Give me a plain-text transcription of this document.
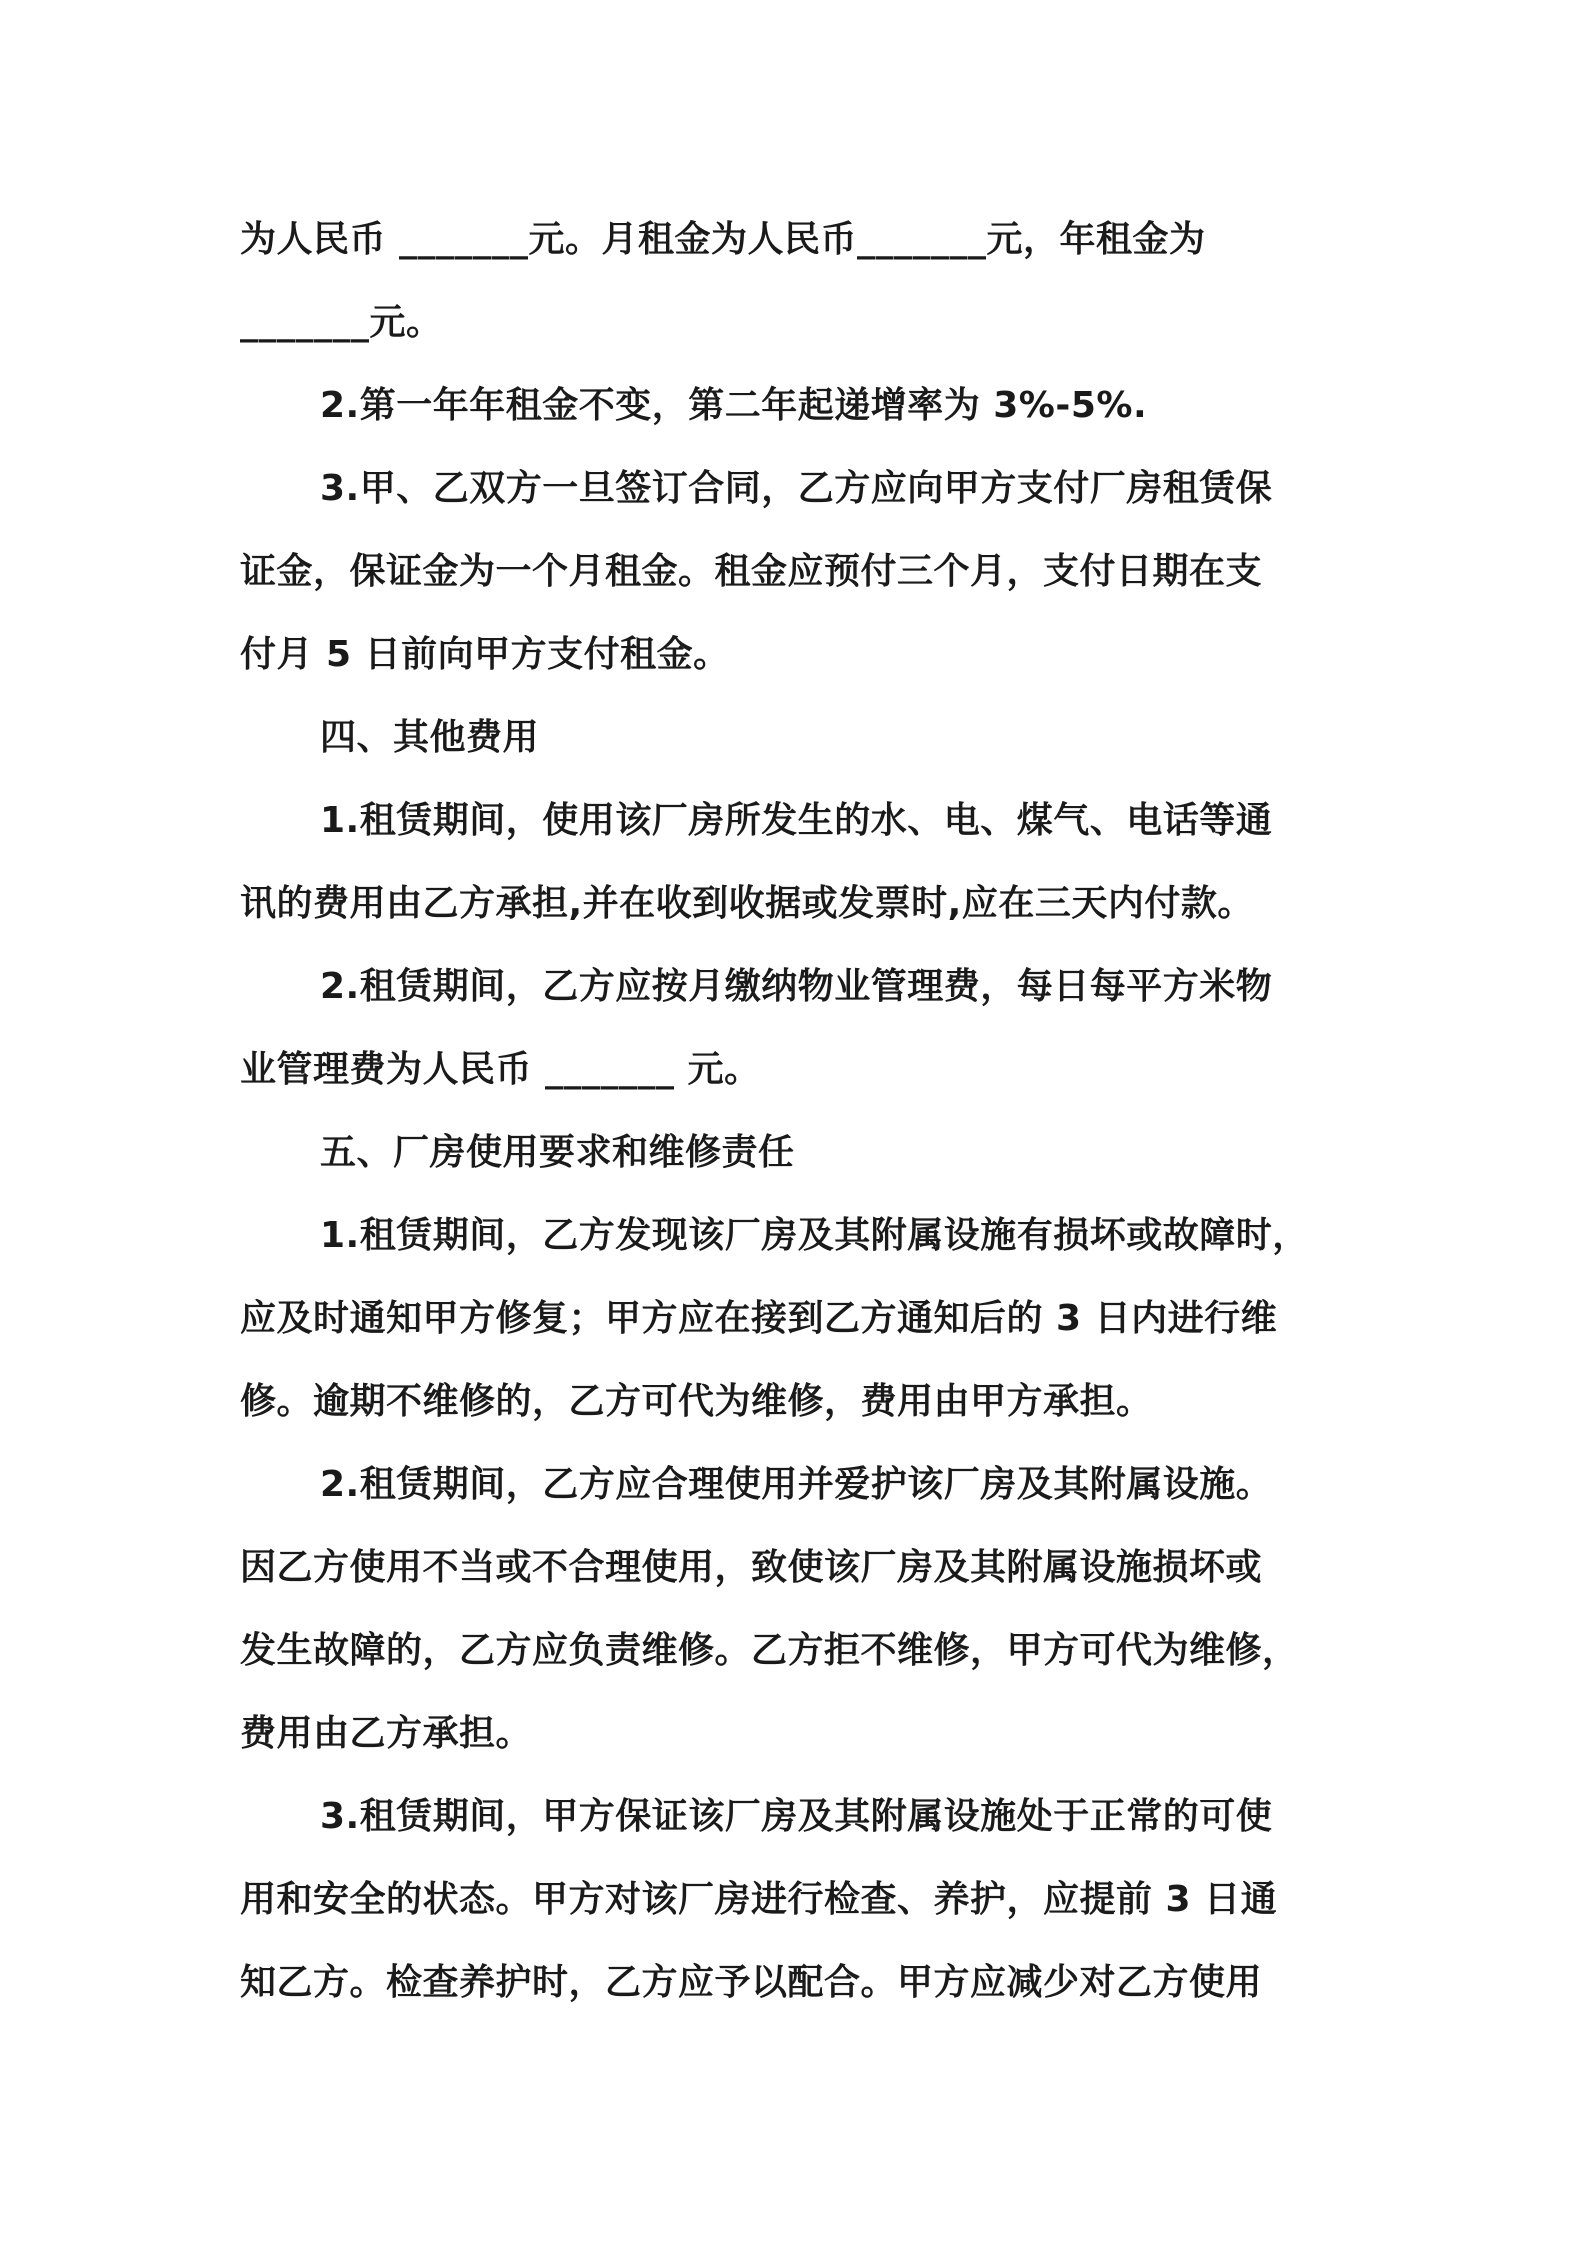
为人民币 _______元。月租金为人民币_______元，年租金为

_______元。

2.第一年年租金不变，第二年起递增率为 3%-5%.

3.甲、乙双方一旦签订合同，乙方应向甲方支付厂房租赁保

证金，保证金为一个月租金。租金应预付三个月，支付日期在支

付月 5 日前向甲方支付租金。

四、其他费用

1.租赁期间，使用该厂房所发生的水、电、煤气、电话等通

讯的费用由乙方承担,并在收到收据或发票时,应在三天内付款。

2.租赁期间，乙方应按月缴纳物业管理费，每日每平方米物

业管理费为人民币 _______ 元。

五、厂房使用要求和维修责任

1.租赁期间，乙方发现该厂房及其附属设施有损坏或故障时，

应及时通知甲方修复；甲方应在接到乙方通知后的 3 日内进行维

修。逾期不维修的，乙方可代为维修，费用由甲方承担。

2.租赁期间，乙方应合理使用并爱护该厂房及其附属设施。

因乙方使用不当或不合理使用，致使该厂房及其附属设施损坏或

发生故障的，乙方应负责维修。乙方拒不维修，甲方可代为维修，

费用由乙方承担。

3.租赁期间，甲方保证该厂房及其附属设施处于正常的可使

用和安全的状态。甲方对该厂房进行检查、养护，应提前 3 日通

知乙方。检查养护时，乙方应予以配合。甲方应减少对乙方使用
